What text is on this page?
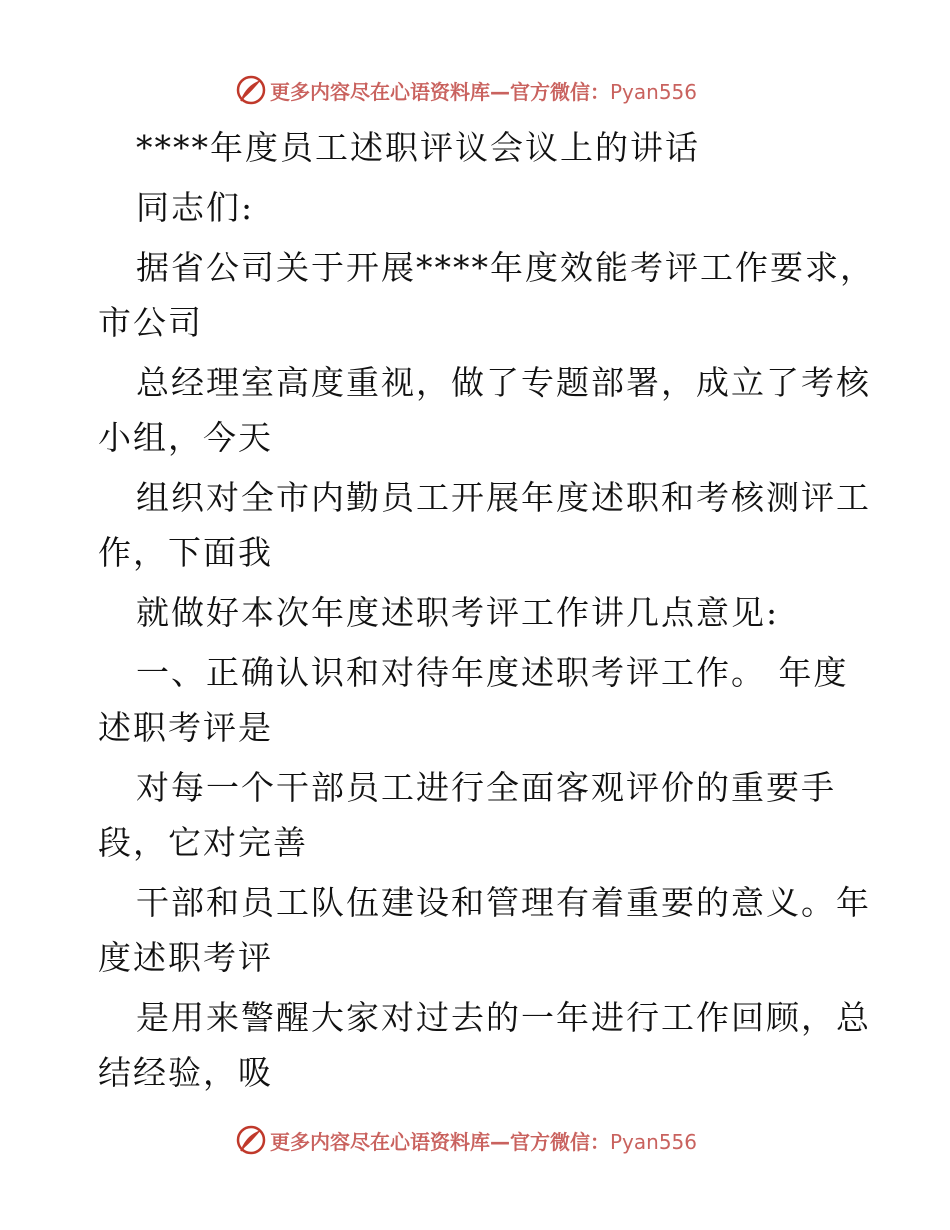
更多内容尽在心语资料库—官方微信：Pyan556
****年度员工述职评议会议上的讲话
同志们:
据省公司关于开展****年度效能考评工作要求，
市公司
总经理室高度重视，做了专题部署，成立了考核
小组，今天
组织对全市内勤员工开展年度述职和考核测评工
作，下面我
就做好本次年度述职考评工作讲几点意见:
一、正确认识和对待年度述职考评工作。 年度
述职考评是
对每一个干部员工进行全面客观评价的重要手
段，它对完善
干部和员工队伍建设和管理有着重要的意义。年
度述职考评
是用来警醒大家对过去的一年进行工作回顾，总
结经验，吸
更多内容尽在心语资料库—官方微信：Pyan556
